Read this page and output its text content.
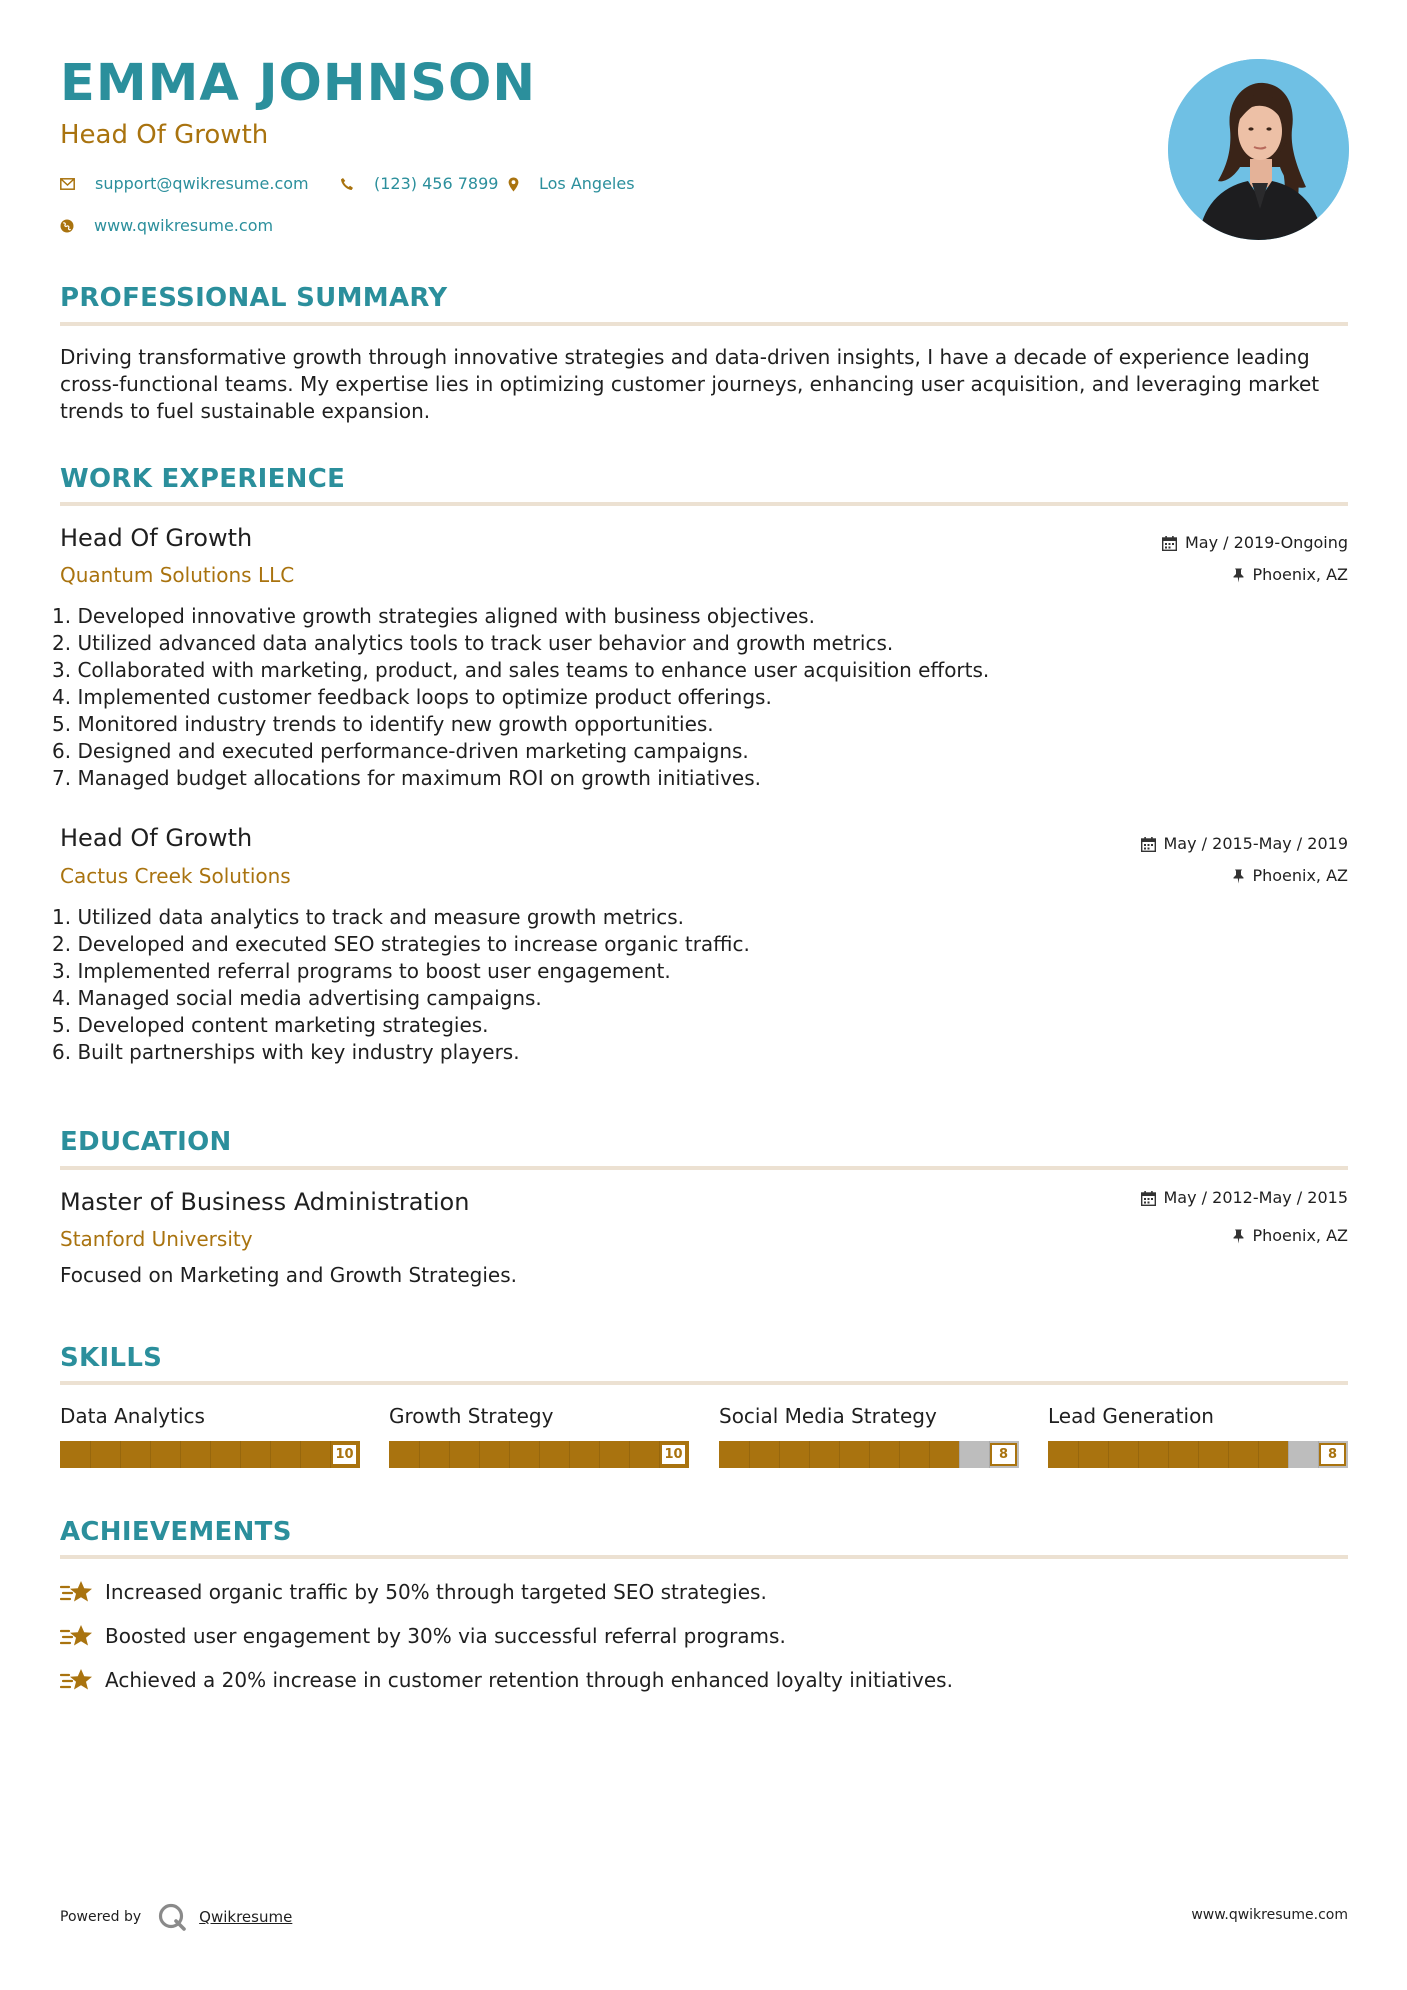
EMMA JOHNSON
Head Of Growth
support@qwikresume.com	(123) 456 7899	Los Angeles
www.qwikresume.com
PROFESSIONAL SUMMARY
Driving transformative growth through innovative strategies and data-driven insights, I have a decade of experience leading cross-functional teams. My expertise lies in optimizing customer journeys, enhancing user acquisition, and leveraging market trends to fuel sustainable expansion.
WORK EXPERIENCE
Head Of Growth
Quantum Solutions LLC
May / 2019-Ongoing
Phoenix, AZ
1. Developed innovative growth strategies aligned with business objectives.
2. Utilized advanced data analytics tools to track user behavior and growth metrics.
3. Collaborated with marketing, product, and sales teams to enhance user acquisition efforts.
4. Implemented customer feedback loops to optimize product offerings.
5. Monitored industry trends to identify new growth opportunities.
6. Designed and executed performance-driven marketing campaigns.
7. Managed budget allocations for maximum ROI on growth initiatives.
Head Of Growth
Cactus Creek Solutions
May / 2015-May / 2019
Phoenix, AZ
1. Utilized data analytics to track and measure growth metrics.
2. Developed and executed SEO strategies to increase organic traffic.
3. Implemented referral programs to boost user engagement.
4. Managed social media advertising campaigns.
5. Developed content marketing strategies.
6. Built partnerships with key industry players.
EDUCATION
Master of Business Administration
Stanford University
May / 2012-May / 2015
Phoenix, AZ
Focused on Marketing and Growth Strategies.
SKILLS
Data Analytics
10
Growth Strategy
10
Social Media Strategy
8
Lead Generation
8
ACHIEVEMENTS
Increased organic traffic by 50% through targeted SEO strategies.
Boosted user engagement by 30% via successful referral programs.
Achieved a 20% increase in customer retention through enhanced loyalty initiatives.
Powered by	Qwikresume	www.qwikresume.com
